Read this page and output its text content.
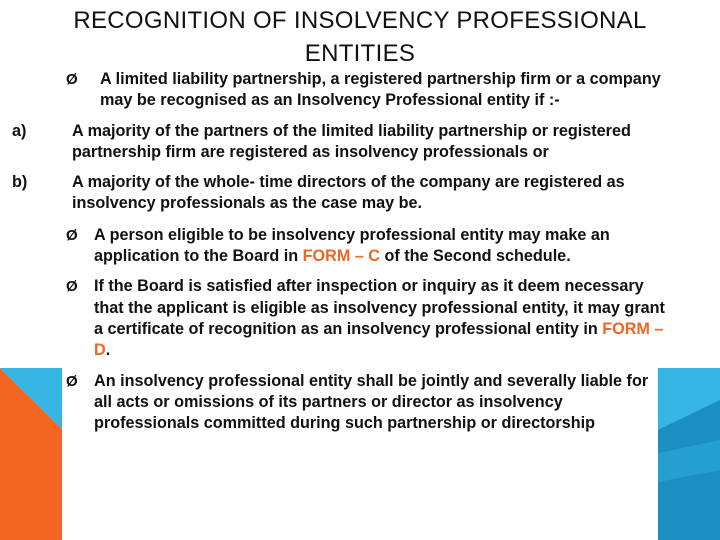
RECOGNITION OF INSOLVENCY PROFESSIONAL ENTITIES

Ø A limited liability partnership, a registered partnership firm or a company may be recognised as an Insolvency Professional entity if :-

a)	A majority of the partners of the limited liability partnership or registered partnership firm are registered as insolvency professionals or

b)	A majority of the whole- time directors of the company are registered as insolvency professionals as the case may be.

Ø A person eligible to be insolvency professional entity may make an application to the Board in FORM – C of the Second schedule.

Ø If the Board is satisfied after inspection or inquiry as it deem necessary that the applicant is eligible as insolvency professional entity, it may grant a certificate of recognition as an insolvency professional entity in FORM – D.

Ø An insolvency professional entity shall be jointly and severally liable for all acts or omissions of its partners or director as insolvency professionals committed during such partnership or directorship
